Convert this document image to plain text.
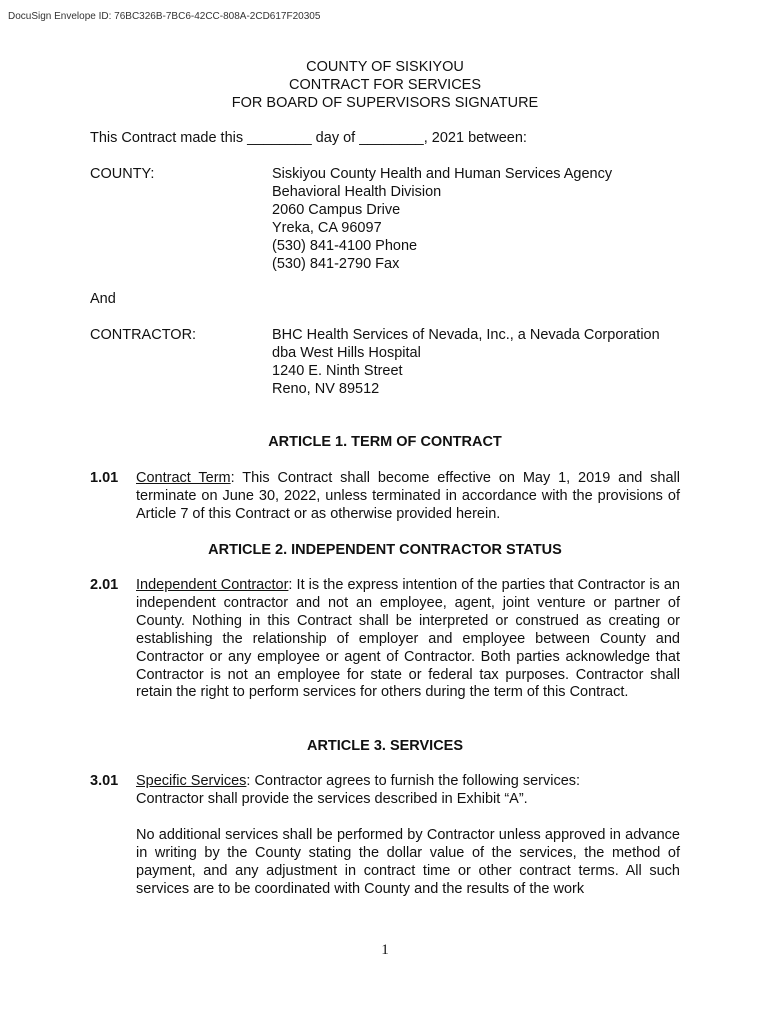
DocuSign Envelope ID: 76BC326B-7BC6-42CC-808A-2CD617F20305
COUNTY OF SISKIYOU
CONTRACT FOR SERVICES
FOR BOARD OF SUPERVISORS SIGNATURE
This Contract made this ________ day of ________, 2021 between:
COUNTY:	Siskiyou County Health and Human Services Agency
Behavioral Health Division
2060 Campus Drive
Yreka, CA 96097
(530) 841-4100 Phone
(530) 841-2790 Fax
And
CONTRACTOR:	BHC Health Services of Nevada, Inc., a Nevada Corporation
dba West Hills Hospital
1240 E. Ninth Street
Reno, NV 89512
ARTICLE 1. TERM OF CONTRACT
1.01 Contract Term: This Contract shall become effective on May 1, 2019 and shall terminate on June 30, 2022, unless terminated in accordance with the provisions of Article 7 of this Contract or as otherwise provided herein.
ARTICLE 2. INDEPENDENT CONTRACTOR STATUS
2.01 Independent Contractor: It is the express intention of the parties that Contractor is an independent contractor and not an employee, agent, joint venture or partner of County. Nothing in this Contract shall be interpreted or construed as creating or establishing the relationship of employer and employee between County and Contractor or any employee or agent of Contractor. Both parties acknowledge that Contractor is not an employee for state or federal tax purposes. Contractor shall retain the right to perform services for others during the term of this Contract.
ARTICLE 3. SERVICES
3.01 Specific Services: Contractor agrees to furnish the following services:
Contractor shall provide the services described in Exhibit “A”.
No additional services shall be performed by Contractor unless approved in advance in writing by the County stating the dollar value of the services, the method of payment, and any adjustment in contract time or other contract terms. All such services are to be coordinated with County and the results of the work
1
